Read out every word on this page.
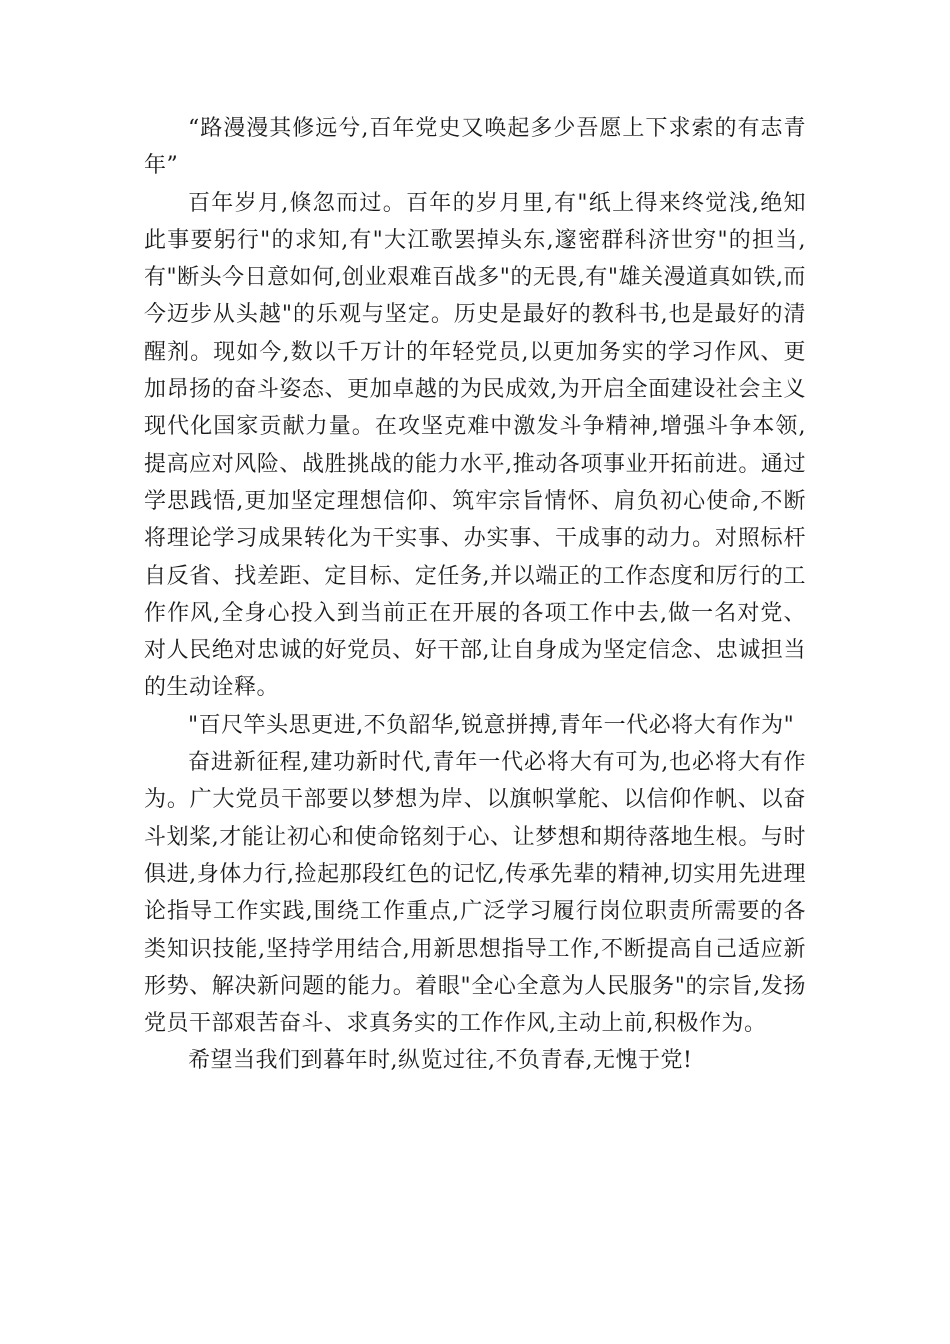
“路漫漫其修远兮,百年党史又唤起多少吾愿上下求索的有志青年”

百年岁月,倏忽而过。百年的岁月里,有"纸上得来终觉浅,绝知此事要躬行"的求知,有"大江歌罢掉头东,邃密群科济世穷"的担当,有"断头今日意如何,创业艰难百战多"的无畏,有"雄关漫道真如铁,而今迈步从头越"的乐观与坚定。历史是最好的教科书,也是最好的清醒剂。现如今,数以千万计的年轻党员,以更加务实的学习作风、更加昂扬的奋斗姿态、更加卓越的为民成效,为开启全面建设社会主义现代化国家贡献力量。在攻坚克难中激发斗争精神,增强斗争本领,提高应对风险、战胜挑战的能力水平,推动各项事业开拓前进。通过学思践悟,更加坚定理想信仰、筑牢宗旨情怀、肩负初心使命,不断将理论学习成果转化为干实事、办实事、干成事的动力。对照标杆自反省、找差距、定目标、定任务,并以端正的工作态度和厉行的工作作风,全身心投入到当前正在开展的各项工作中去,做一名对党、对人民绝对忠诚的好党员、好干部,让自身成为坚定信念、忠诚担当的生动诠释。

"百尺竿头思更进,不负韶华,锐意拼搏,青年一代必将大有作为"

奋进新征程,建功新时代,青年一代必将大有可为,也必将大有作为。广大党员干部要以梦想为岸、以旗帜掌舵、以信仰作帆、以奋斗划桨,才能让初心和使命铭刻于心、让梦想和期待落地生根。与时俱进,身体力行,捡起那段红色的记忆,传承先辈的精神,切实用先进理论指导工作实践,围绕工作重点,广泛学习履行岗位职责所需要的各类知识技能,坚持学用结合,用新思想指导工作,不断提高自己适应新形势、解决新问题的能力。着眼"全心全意为人民服务"的宗旨,发扬党员干部艰苦奋斗、求真务实的工作作风,主动上前,积极作为。

希望当我们到暮年时,纵览过往,不负青春,无愧于党!
